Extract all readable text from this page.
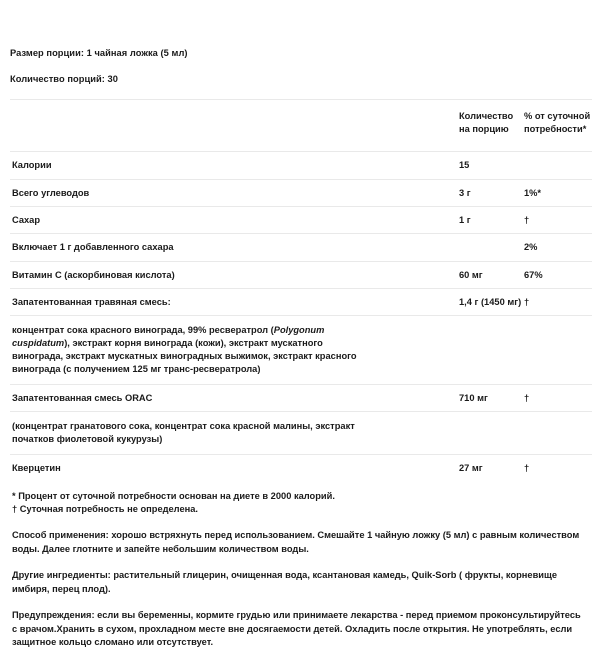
Размер порции: 1 чайная ложка (5 мл)
Количество порций: 30
	Количество на порцию	% от суточной потребности*
Калории	15	
Всего углеводов	3 г	1%*
Сахар	1 г	†
Включает 1 г добавленного сахара		2%
Витамин С (аскорбиновая кислота)	60 мг	67%
Запатентованная травяная смесь:	1,4 г (1450 мг)	†
концентрат сока красного винограда, 99% ресвератрол (Polygonum cuspidatum), экстракт корня винограда (кожи), экстракт мускатного винограда, экстракт мускатных виноградных выжимок, экстракт красного винограда (с получением 125 мг транс-ресвератрола)		
Запатентованная смесь ORAC	710 мг	†
(концентрат гранатового сока, концентрат сока красной малины, экстракт початков фиолетовой кукурузы)		
Кверцетин	27 мг	†
* Процент от суточной потребности основан на диете в 2000 калорий.
† Суточная потребность не определена.
Способ применения: хорошо встряхнуть перед использованием. Смешайте 1 чайную ложку (5 мл) с равным количеством воды. Далее глотните и запейте небольшим количеством воды.
Другие ингредиенты: растительный глицерин, очищенная вода, ксантановая камедь, Quik-Sorb ( фрукты, корневище имбиря, перец плод).
Предупреждения: если вы беременны, кормите грудью или принимаете лекарства - перед приемом проконсультируйтесь с врачом.Хранить в сухом, прохладном месте вне досягаемости детей. Охладить после открытия. Не употреблять, если защитное кольцо сломано или отсутствует.
